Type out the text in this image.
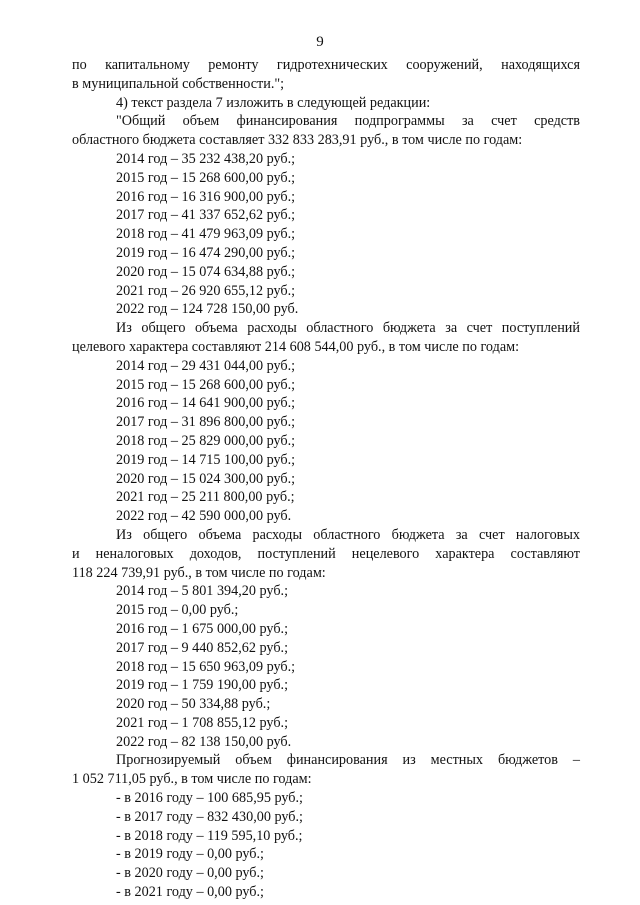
9
по капитальному ремонту гидротехнических сооружений, находящихся
в муниципальной собственности.";
4) текст раздела 7 изложить в следующей редакции:
"Общий объем финансирования подпрограммы за счет средств
областного бюджета составляет 332 833 283,91 руб., в том числе по годам:
2014 год – 35 232 438,20 руб.;
2015 год – 15 268 600,00 руб.;
2016 год – 16 316 900,00 руб.;
2017 год – 41 337 652,62 руб.;
2018 год – 41 479 963,09 руб.;
2019 год – 16 474 290,00 руб.;
2020 год – 15 074 634,88 руб.;
2021 год – 26 920 655,12 руб.;
2022 год – 124 728 150,00 руб.
Из общего объема расходы областного бюджета за счет поступлений
целевого характера составляют 214 608 544,00 руб., в том числе по годам:
2014 год – 29 431 044,00 руб.;
2015 год – 15 268 600,00 руб.;
2016 год – 14 641 900,00 руб.;
2017 год – 31 896 800,00 руб.;
2018 год – 25 829 000,00 руб.;
2019 год – 14 715 100,00 руб.;
2020 год – 15 024 300,00 руб.;
2021 год – 25 211 800,00 руб.;
2022 год – 42 590 000,00 руб.
Из общего объема расходы областного бюджета за счет налоговых
и неналоговых доходов, поступлений нецелевого характера составляют
118 224 739,91 руб., в том числе по годам:
2014 год – 5 801 394,20 руб.;
2015 год – 0,00 руб.;
2016 год – 1 675 000,00 руб.;
2017 год – 9 440 852,62 руб.;
2018 год – 15 650 963,09 руб.;
2019 год – 1 759 190,00 руб.;
2020 год – 50 334,88 руб.;
2021 год – 1 708 855,12 руб.;
2022 год – 82 138 150,00 руб.
Прогнозируемый объем финансирования из местных бюджетов –
1 052 711,05 руб., в том числе по годам:
- в 2016 году – 100 685,95 руб.;
- в 2017 году – 832 430,00 руб.;
- в 2018 году – 119 595,10 руб.;
- в 2019 году – 0,00 руб.;
- в 2020 году – 0,00 руб.;
- в 2021 году – 0,00 руб.;
